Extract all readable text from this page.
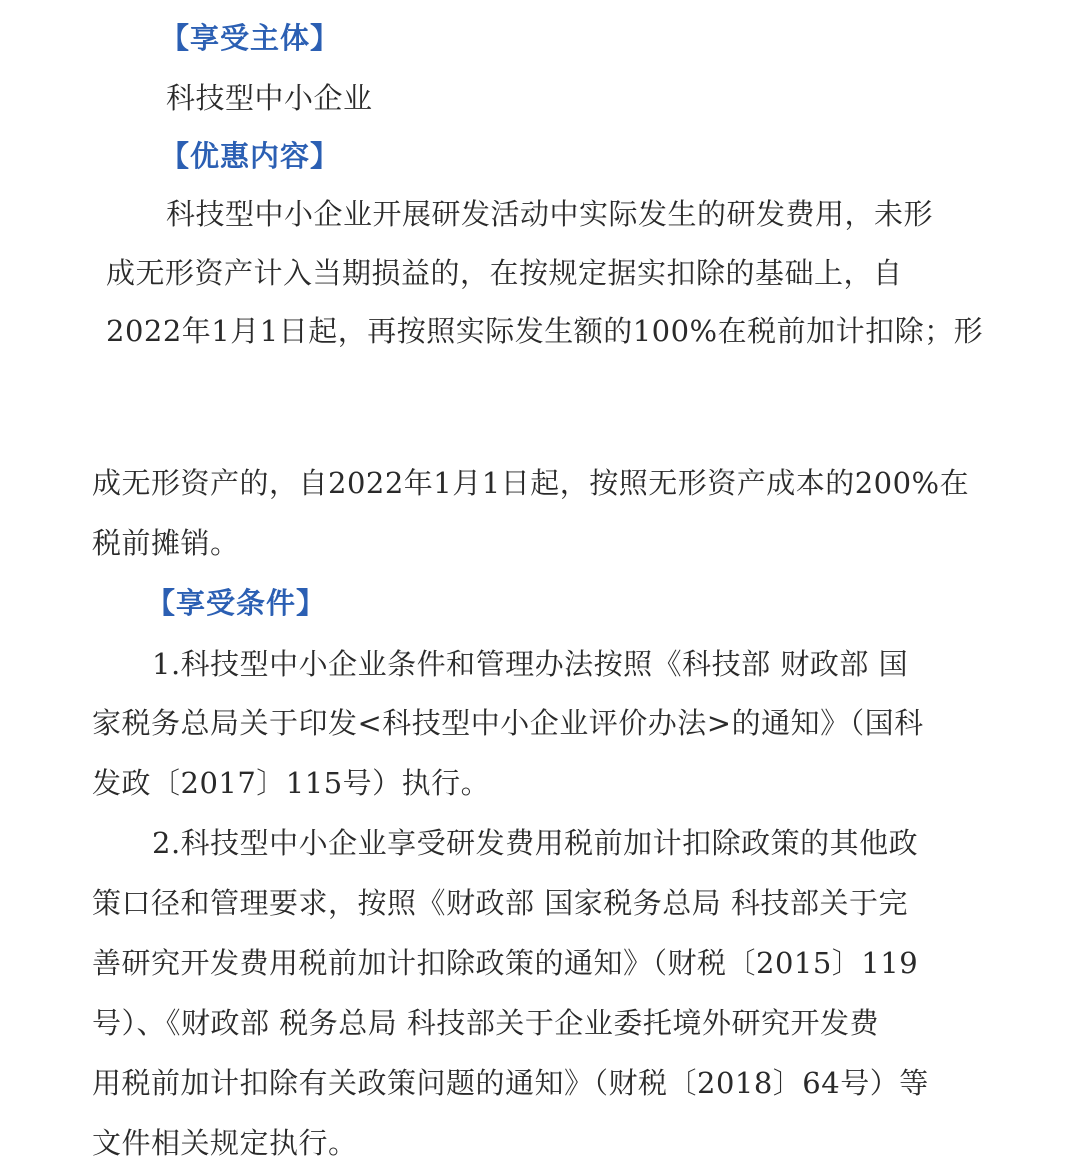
【享受主体】
科技型中小企业
【优惠内容】
科技型中小企业开展研发活动中实际发生的研发费用，未形
成无形资产计入当期损益的，在按规定据实扣除的基础上，自
2022年1月1日起，再按照实际发生额的100%在税前加计扣除；形
成无形资产的，自2022年1月1日起，按照无形资产成本的200%在
税前摊销。
【享受条件】
1.科技型中小企业条件和管理办法按照《科技部 财政部 国
家税务总局关于印发<科技型中小企业评价办法>的通知》（国科
发政〔2017〕115号）执行。
2.科技型中小企业享受研发费用税前加计扣除政策的其他政
策口径和管理要求，按照《财政部 国家税务总局 科技部关于完
善研究开发费用税前加计扣除政策的通知》（财税〔2015〕119
号）、《财政部 税务总局 科技部关于企业委托境外研究开发费
用税前加计扣除有关政策问题的通知》（财税〔2018〕64号）等
文件相关规定执行。
